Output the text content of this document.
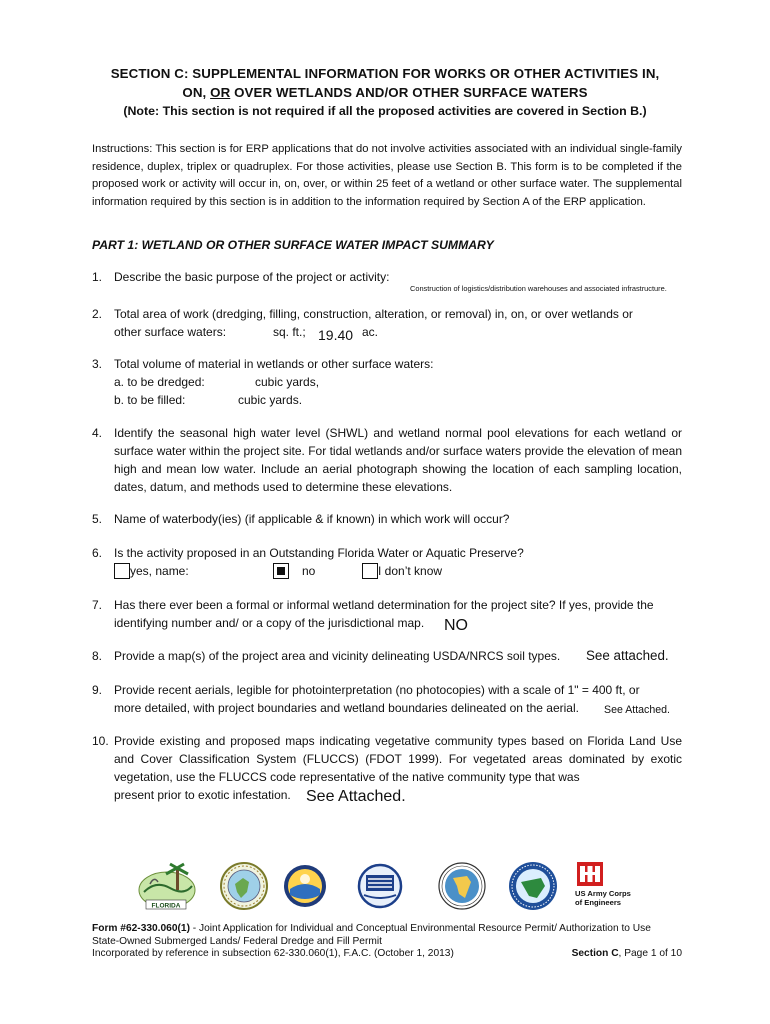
SECTION C: SUPPLEMENTAL INFORMATION FOR WORKS OR OTHER ACTIVITIES IN,
ON, OR OVER WETLANDS AND/OR OTHER SURFACE WATERS
(Note: This section is not required if all the proposed activities are covered in Section B.)
Instructions: This section is for ERP applications that do not involve activities associated with an individual single-family residence, duplex, triplex or quadruplex. For those activities, please use Section B. This form is to be completed if the proposed work or activity will occur in, on, over, or within 25 feet of a wetland or other surface water. The supplemental information required by this section is in addition to the information required by Section A of the ERP application.
PART 1: WETLAND OR OTHER SURFACE WATER IMPACT SUMMARY
1. Describe the basic purpose of the project or activity:
Construction of logistics/distribution warehouses and associated infrastructure.
2. Total area of work (dredging, filling, construction, alteration, or removal) in, on, or over wetlands or
other surface waters:	sq. ft.; 19.40 ac.
3. Total volume of material in wetlands or other surface waters:
a. to be dredged:	cubic yards,
b. to be filled:	cubic yards.
4. Identify the seasonal high water level (SHWL) and wetland normal pool elevations for each wetland or surface water within the project site. For tidal wetlands and/or surface waters provide the elevation of mean high and mean low water. Include an aerial photograph showing the location of each sampling location, dates, datum, and methods used to determine these elevations.
5. Name of waterbody(ies) (if applicable & if known) in which work will occur?
6. Is the activity proposed in an Outstanding Florida Water or Aquatic Preserve?
yes, name:	no	I don’t know
7. Has there ever been a formal or informal wetland determination for the project site? If yes, provide the
identifying number and/ or a copy of the jurisdictional map. NO
8. Provide a map(s) of the project area and vicinity delineating USDA/NRCS soil types. See attached.
9. Provide recent aerials, legible for photointerpretation (no photocopies) with a scale of 1" = 400 ft, or
more detailed, with project boundaries and wetland boundaries delineated on the aerial. See Attached.
10. Provide existing and proposed maps indicating vegetative community types based on Florida Land Use and Cover Classification System (FLUCCS) (FDOT 1999). For vegetated areas dominated by exotic vegetation, use the FLUCCS code representative of the native community type that was
present prior to exotic infestation. See Attached.
FLORIDA
US Army Corps
of Engineers
Form #62-330.060(1) - Joint Application for Individual and Conceptual Environmental Resource Permit/ Authorization to Use
State-Owned Submerged Lands/ Federal Dredge and Fill Permit
Incorporated by reference in subsection 62-330.060(1), F.A.C. (October 1, 2013)	Section C, Page 1 of 10
